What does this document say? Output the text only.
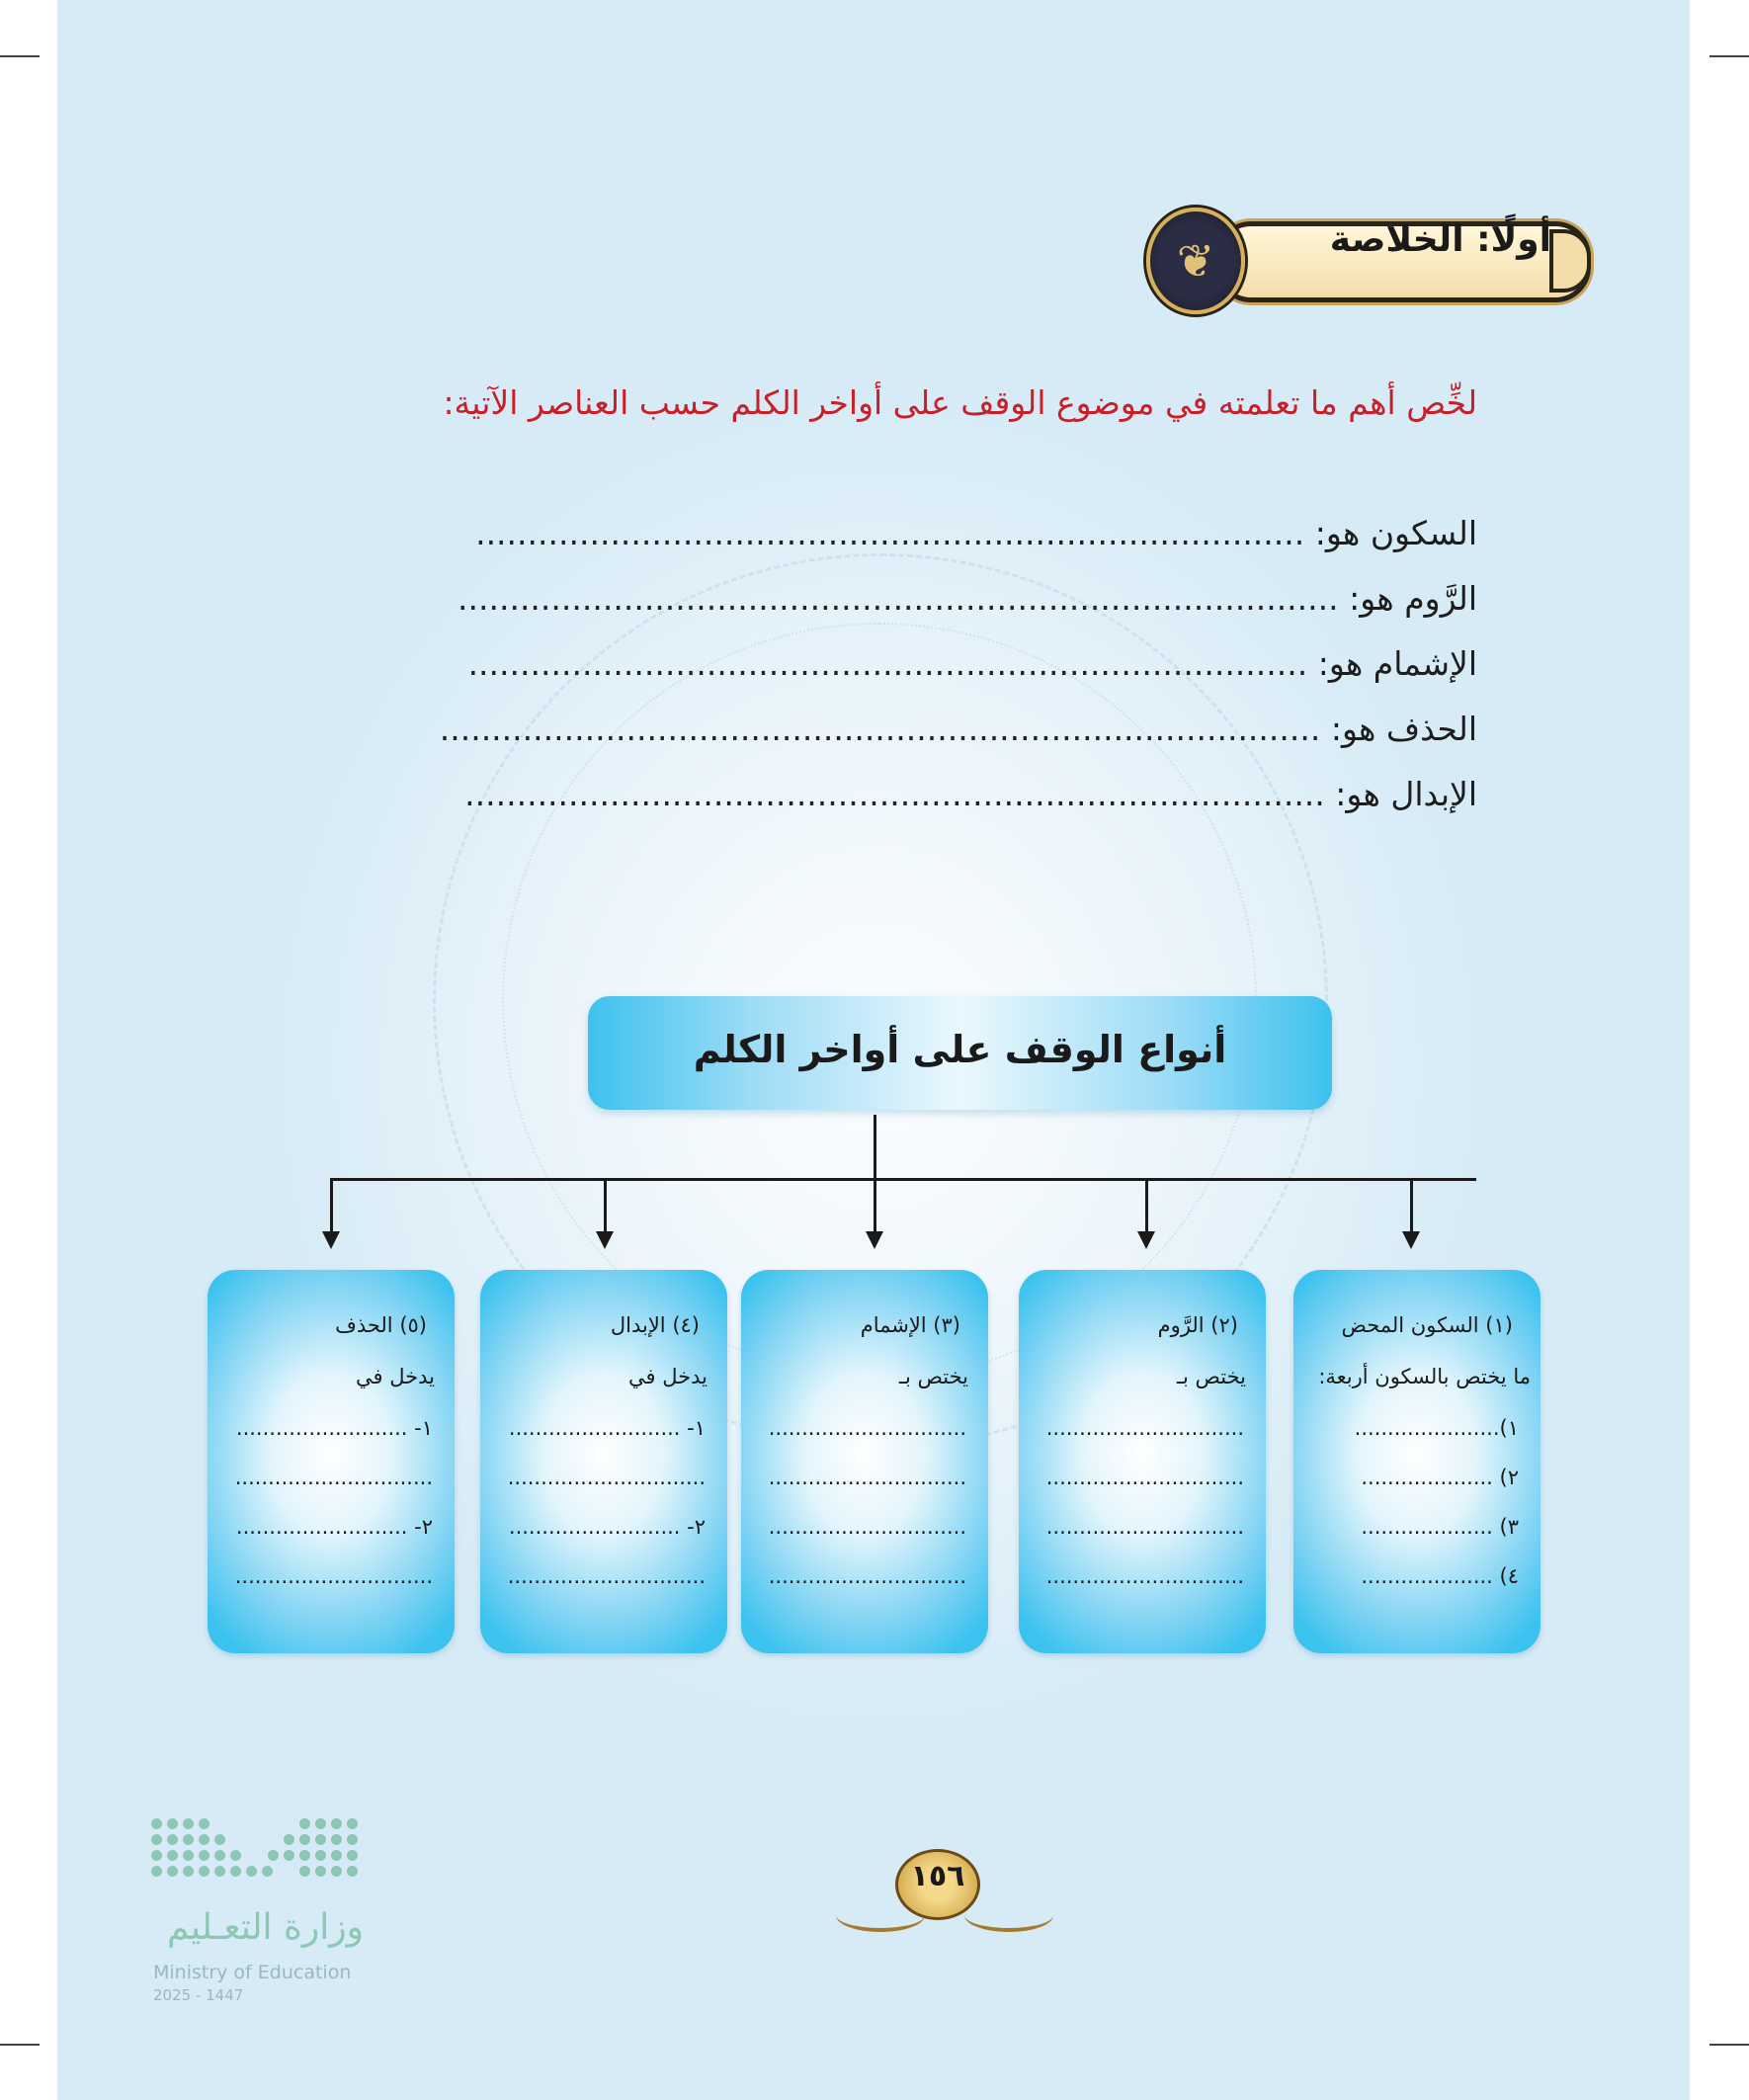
❦	أولًا: الخلاصة
لخِّص أهم ما تعلمته في موضوع الوقف على أواخر الكلم حسب العناصر الآتية:
السكون هو: ................................................................................
الرَّوم هو: .....................................................................................
الإشمام هو: .................................................................................
الحذف هو: .....................................................................................
الإبدال هو: ...................................................................................
أنواع الوقف على أواخر الكلم
(١) السكون المحض
ما يختص بالسكون أربعة:
١)......................
٢) ....................
٣) ....................
٤) ....................
(٢) الرَّوم
يختص بـ
..............................
..............................
..............................
..............................
(٣) الإشمام
يختص بـ
..............................
..............................
..............................
..............................
(٤) الإبدال
يدخل في
١- ..........................
..............................
٢- ..........................
..............................
(٥) الحذف
يدخل في
١- ..........................
..............................
٢- ..........................
..............................
١٥٦
وزارة التعـليم
Ministry of Education
2025 - 1447
